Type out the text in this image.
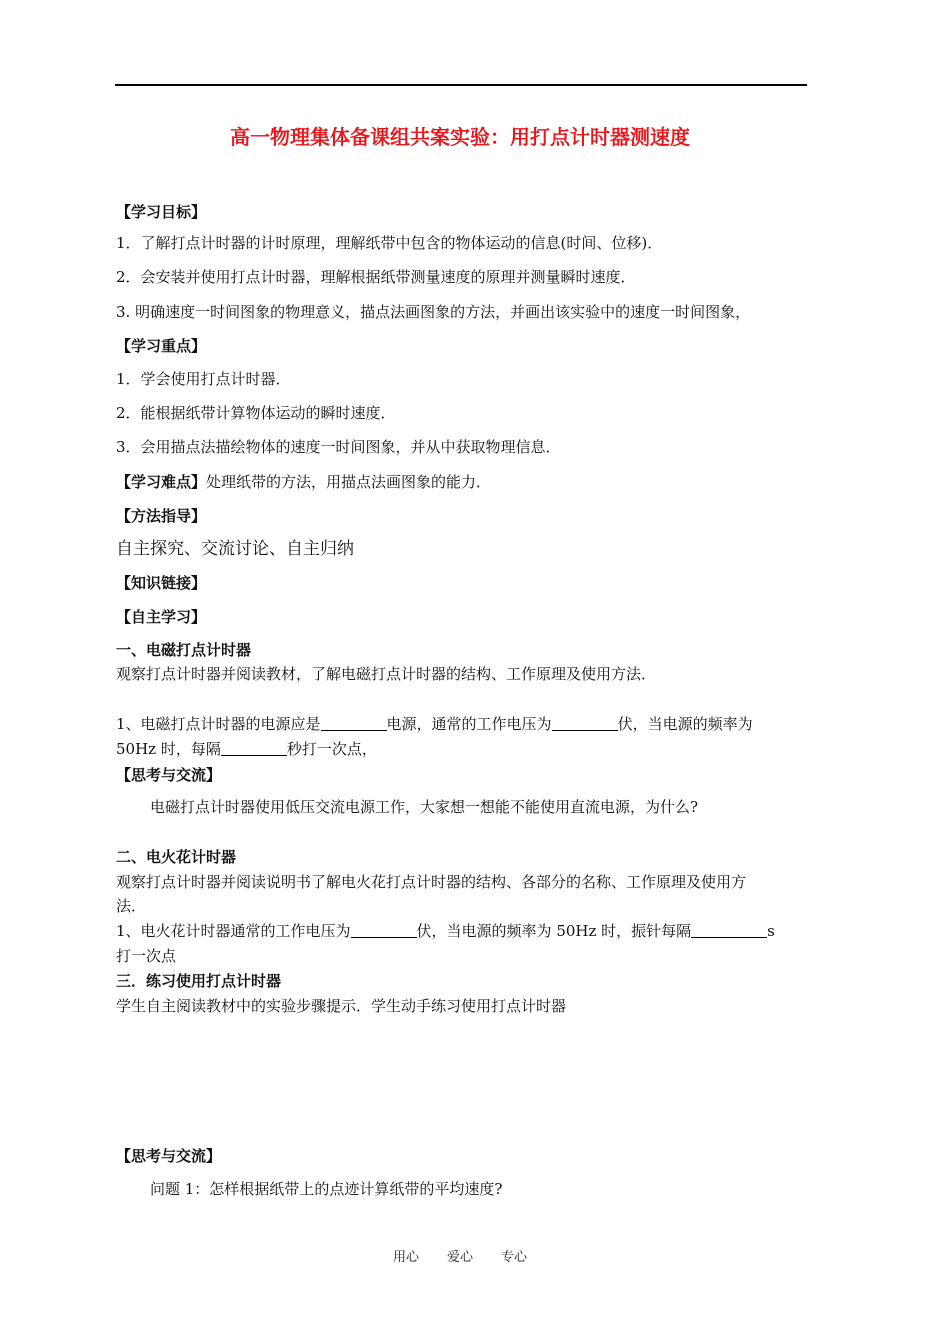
高一物理集体备课组共案实验：用打点计时器测速度
【学习目标】
1．了解打点计时器的计时原理，理解纸带中包含的物体运动的信息(时间、位移)．
2．会安装并使用打点计时器，理解根据纸带测量速度的原理并测量瞬时速度．
3. 明确速度一时间图象的物理意义，描点法画图象的方法，并画出该实验中的速度一时间图象，
【学习重点】
1．学会使用打点计时器．
2．能根据纸带计算物体运动的瞬时速度．
3．会用描点法描绘物体的速度一时间图象，并从中获取物理信息．
【学习难点】处理纸带的方法，用描点法画图象的能力．
【方法指导】
自主探究、交流讨论、自主归纳
【知识链接】
【自主学习】
一、电磁打点计时器
观察打点计时器并阅读教材，了解电磁打点计时器的结构、工作原理及使用方法．
1、电磁打点计时器的电源应是	电源，通常的工作电压为	伏，当电源的频率为
50Hz 时，每隔	秒打一次点，
【思考与交流】
电磁打点计时器使用低压交流电源工作，大家想一想能不能使用直流电源，为什么?
二、电火花计时器
观察打点计时器并阅读说明书了解电火花打点计时器的结构、各部分的名称、工作原理及使用方
法．
1、电火花计时器通常的工作电压为	伏，当电源的频率为 50Hz 时，振针每隔	s
打一次点
三．练习使用打点计时器
学生自主阅读教材中的实验步骤提示．学生动手练习使用打点计时器
【思考与交流】
问题 1：怎样根据纸带上的点迹计算纸带的平均速度?
用心 爱心 专心
